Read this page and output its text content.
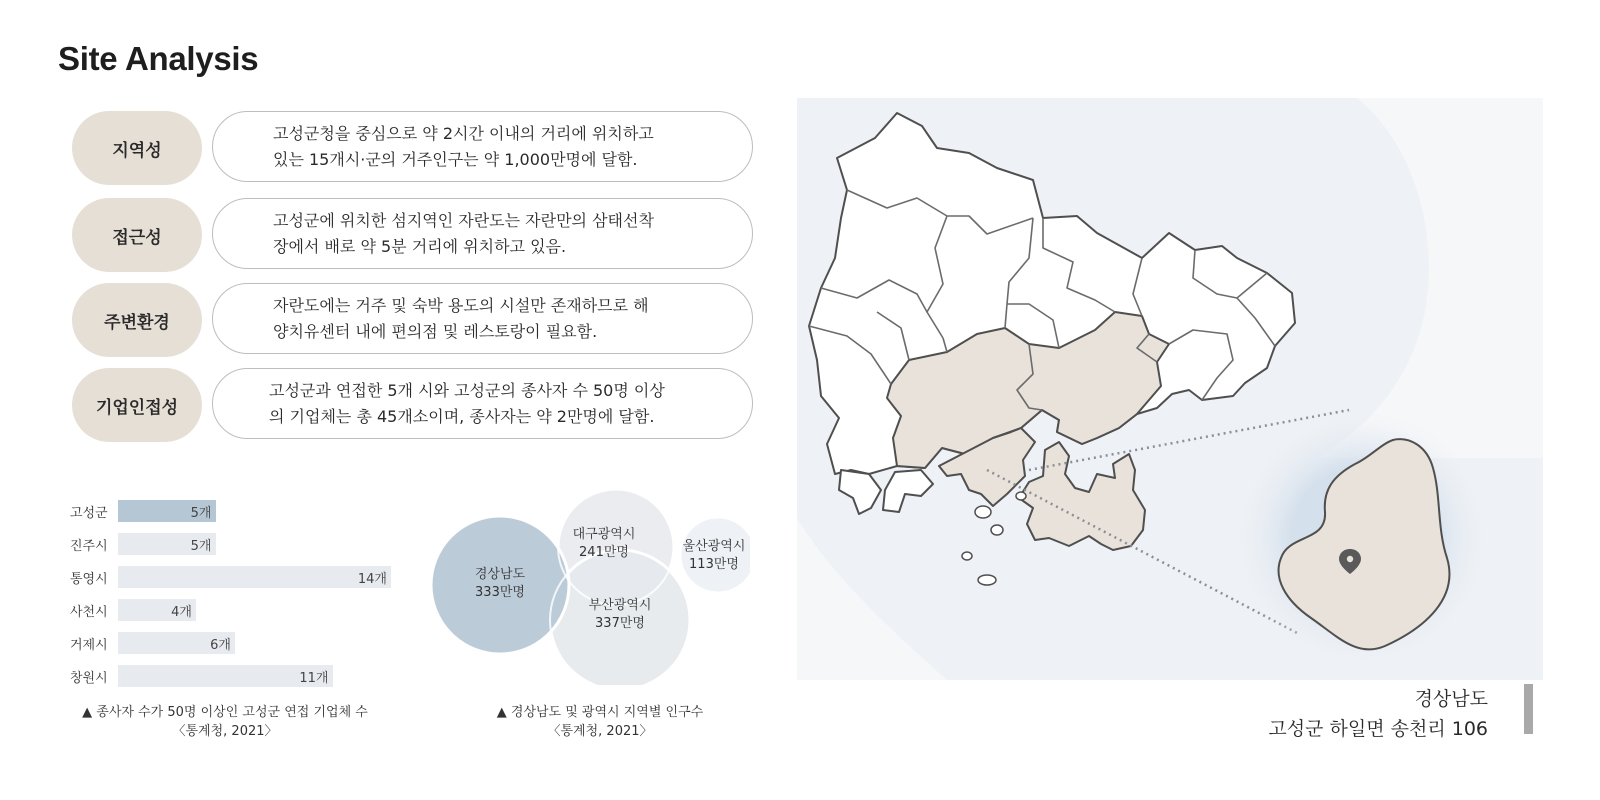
Site Analysis
지역성
고성군청을 중심으로 약 2시간 이내의 거리에 위치하고
있는 15개시·군의 거주인구는 약 1,000만명에 달함.
접근성
고성군에 위치한 섬지역인 자란도는 자란만의 삼태선착
장에서 배로 약 5분 거리에 위치하고 있음.
주변환경
자란도에는 거주 및 숙박 용도의 시설만 존재하므로 해
양치유센터 내에 편의점 및 레스토랑이 필요함.
기업인접성
고성군과 연접한 5개 시와 고성군의 종사자 수 50명 이상
의 기업체는 총 45개소이며, 종사자는 약 2만명에 달함.
고성군	5개
진주시	5개
통영시	14개
사천시	4개
거제시	6개
창원시	11개
▲ 종사자 수가 50명 이상인 고성군 연접 기업체 수
〈통계청, 2021〉
경상남도
333만명
대구광역시
241만명
부산광역시
337만명
울산광역시
113만명
▲ 경상남도 및 광역시 지역별 인구수
〈통계청, 2021〉
경상남도
고성군 하일면 송천리 106
